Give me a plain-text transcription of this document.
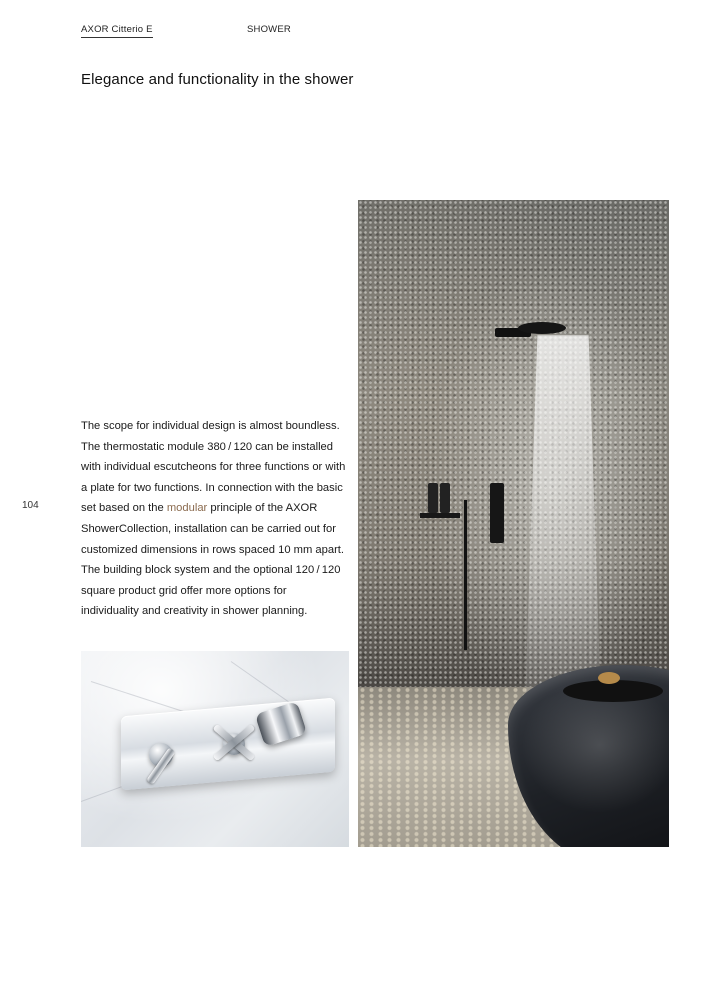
AXOR Citterio E	SHOWER
Elegance and functionality in the shower
104

The scope for individual design is almost boundless. The thermostatic module 380 / 120 can be installed with individual escutcheons for three functions or with a plate for two functions. In connection with the basic set based on the modular principle of the AXOR ShowerCollection, installation can be carried out for customized dimensions in rows spaced 10 mm apart. The building block system and the optional 120 / 120 square product grid offer more options for individuality and creativity in shower planning.
